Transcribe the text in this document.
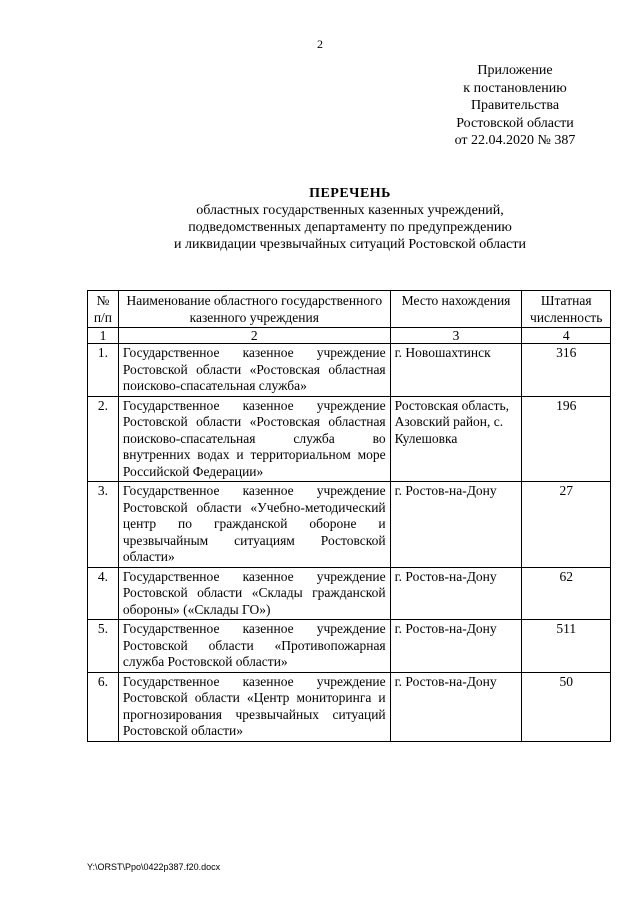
2
Приложение
к постановлению
Правительства
Ростовской области
от 22.04.2020 № 387
ПЕРЕЧЕНЬ
областных государственных казенных учреждений,
подведомственных департаменту по предупреждению
и ликвидации чрезвычайных ситуаций Ростовской области
№ п/п	Наименование областного государственного казенного учреждения	Место нахождения	Штатная численность
1	2	3	4
1.	Государственное казенное учреждение Ростовской области «Ростовская областная поисково-спасательная служба»	г. Новошахтинск	316
2.	Государственное казенное учреждение Ростовской области «Ростовская областная поисково-спасательная служба во внутренних водах и территориальном море Российской Федерации»	Ростовская область, Азовский район, с. Кулешовка	196
3.	Государственное казенное учреждение Ростовской области «Учебно-методический центр по гражданской обороне и чрезвычайным ситуациям Ростовской области»	г. Ростов-на-Дону	27
4.	Государственное казенное учреждение Ростовской области «Склады гражданской обороны» («Склады ГО»)	г. Ростов-на-Дону	62
5.	Государственное казенное учреждение Ростовской области «Противопожарная служба Ростовской области»	г. Ростов-на-Дону	511
6.	Государственное казенное учреждение Ростовской области «Центр мониторинга и прогнозирования чрезвычайных ситуаций Ростовской области»	г. Ростов-на-Дону	50
Y:\ORST\Ppo\0422p387.f20.docx
